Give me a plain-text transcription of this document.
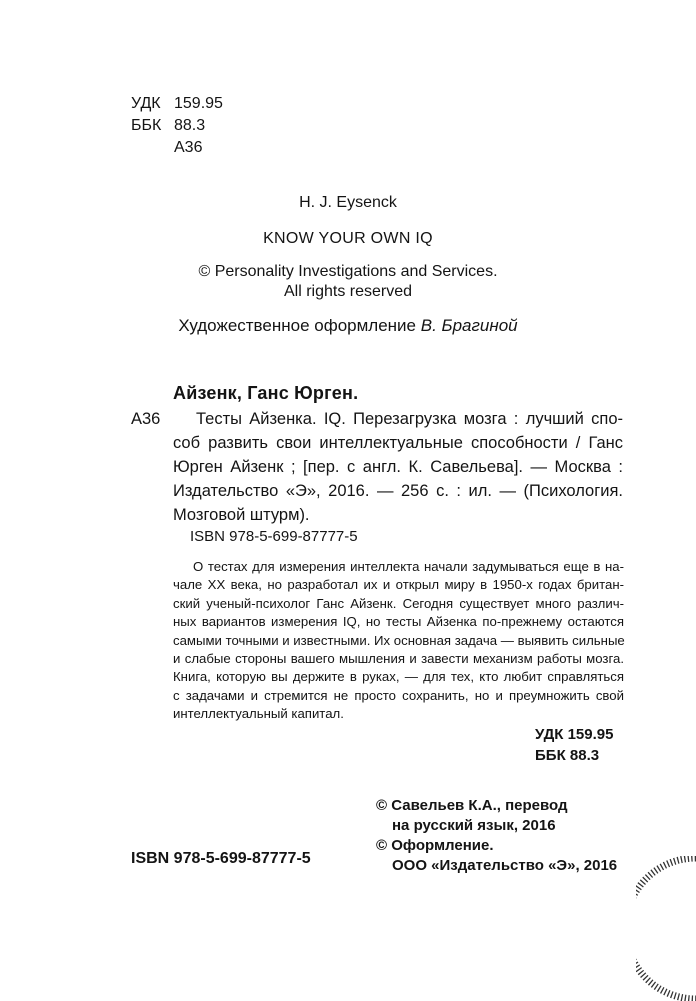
УДК 159.95
ББК 88.3
А36
H. J. Eysenck
KNOW YOUR OWN IQ
© Personality Investigations and Services.
All rights reserved
Художественное оформление В. Брагиной
Айзенк, Ганс Юрген.
А36	Тесты Айзенка. IQ. Перезагрузка мозга : лучший спо-
соб развить свои интеллектуальные способности / Ганс
Юрген Айзенк ; [пер. с англ. К. Савельева]. — Москва :
Издательство «Э», 2016. — 256 с. : ил. — (Психология.
Мозговой штурм).
ISBN 978-5-699-87777-5
О тестах для измерения интеллекта начали задумываться еще в на-
чале XX века, но разработал их и открыл миру в 1950-х годах британ-
ский ученый-психолог Ганс Айзенк. Сегодня существует много различ-
ных вариантов измерения IQ, но тесты Айзенка по-прежнему остаются
самыми точными и известными. Их основная задача — выявить сильные
и слабые стороны вашего мышления и завести механизм работы мозга.
Книга, которую вы держите в руках, — для тех, кто любит справляться
с задачами и стремится не просто сохранить, но и преумножить свой
интеллектуальный капитал.
УДК 159.95
ББК 88.3
© Савельев К.А., перевод
на русский язык, 2016
© Оформление.
ООО «Издательство «Э», 2016
ISBN 978-5-699-87777-5
